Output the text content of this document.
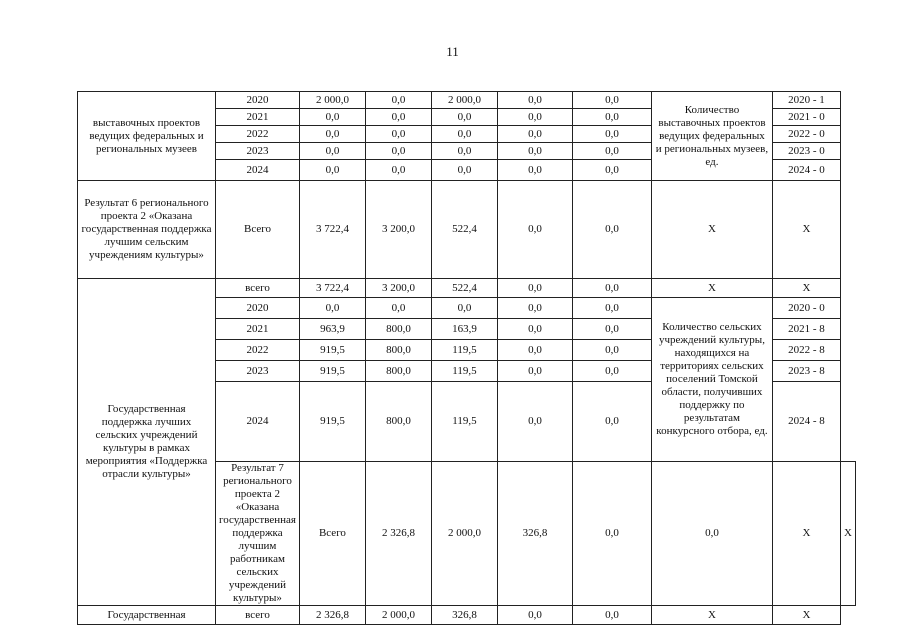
11
выставочных проектов ведущих федеральных и региональных музеев	2020	2 000,0	0,0	2 000,0	0,0	0,0	Количество выставочных проектов ведущих федеральных и региональных музеев, ед.	2020 - 1	
	2021	0,0	0,0	0,0	0,0	0,0		2021 - 0	
	2022	0,0	0,0	0,0	0,0	0,0		2022 - 0	
	2023	0,0	0,0	0,0	0,0	0,0		2023 - 0	
	2024	0,0	0,0	0,0	0,0	0,0		2024 - 0	
Результат 6 регионального проекта 2 «Оказана государственная поддержка лучшим сельским учреждениям культуры»	Всего	3 722,4	3 200,0	522,4	0,0	0,0	Х	Х	
Государственная поддержка лучших сельских учреждений культуры в рамках мероприятия «Поддержка отрасли культуры»	всего	3 722,4	3 200,0	522,4	0,0	0,0	Х	Х	
	2020	0,0	0,0	0,0	0,0	0,0	Количество сельских учреждений культуры, находящихся на территориях сельских поселений Томской области, получивших поддержку по результатам конкурсного отбора, ед.	2020 - 0	
	2021	963,9	800,0	163,9	0,0	0,0		2021 - 8	
	2022	919,5	800,0	119,5	0,0	0,0		2022 - 8	
	2023	919,5	800,0	119,5	0,0	0,0		2023 - 8	
	2024	919,5	800,0	119,5	0,0	0,0		2024 - 8	
	Результат 7 регионального проекта 2 «Оказана государственная поддержка лучшим работникам сельских учреждений культуры»	Всего	2 326,8	2 000,0	326,8	0,0	0,0	Х	Х
Государственная	всего	2 326,8	2 000,0	326,8	0,0	0,0	Х	Х	
